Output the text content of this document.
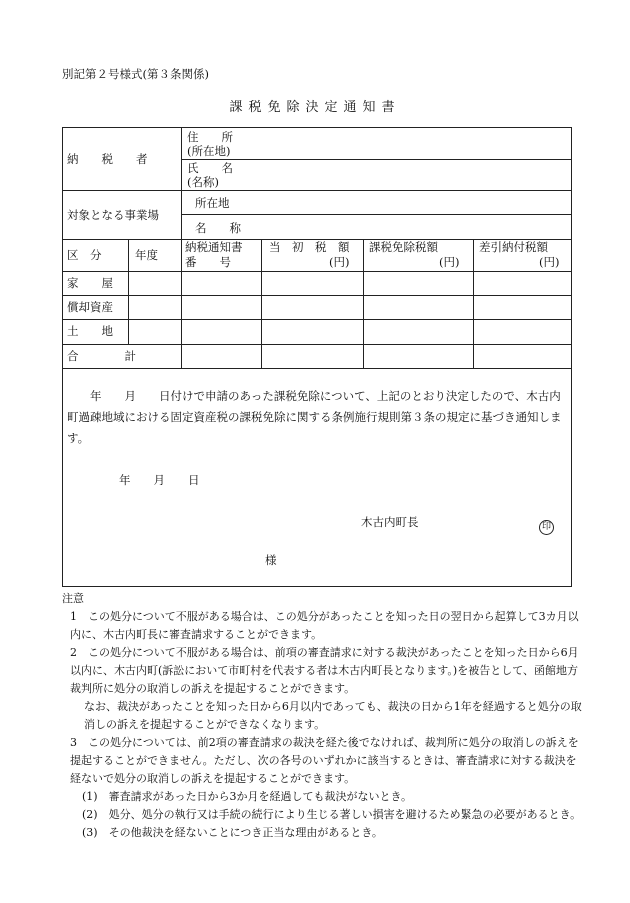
別記第２号様式(第３条関係)
課税免除決定通知書
納　　税　　者
住　　所
(所在地)
氏　　名
(名称)
対象となる事業場
所在地
名　　称
区　分	年度
納税通知書
番　　号
当　初　税　額
(円)
課税免除税額
(円)
差引納付税額
(円)
家　　屋
償却資産
土　　地
合　　　　計
　　年　　月　　日付けで申請のあった課税免除について、上記のとおり決定したので、木古内町過疎地域における固定資産税の課税免除に関する条例施行規則第３条の規定に基づき通知します。
年　　月　　日
木古内町長	印
様

注意

1　この処分について不服がある場合は、この処分があったことを知った日の翌日から起算して3カ月以内に、木古内町長に審査請求することができます。

2　この処分について不服がある場合は、前項の審査請求に対する裁決があったことを知った日から6月以内に、木古内町(訴訟において市町村を代表する者は木古内町長となります。)を被告として、函館地方裁判所に処分の取消しの訴えを提起することができます。

なお、裁決があったことを知った日から6月以内であっても、裁決の日から1年を経過すると処分の取消しの訴えを提起することができなくなります。

3　この処分については、前2項の審査請求の裁決を経た後でなければ、裁判所に処分の取消しの訴えを提起することができません。ただし、次の各号のいずれかに該当するときは、審査請求に対する裁決を経ないで処分の取消しの訴えを提起することができます。

(1)　審査請求があった日から3か月を経過しても裁決がないとき。

(2)　処分、処分の執行又は手続の続行により生じる著しい損害を避けるため緊急の必要があるとき。

(3)　その他裁決を経ないことにつき正当な理由があるとき。
